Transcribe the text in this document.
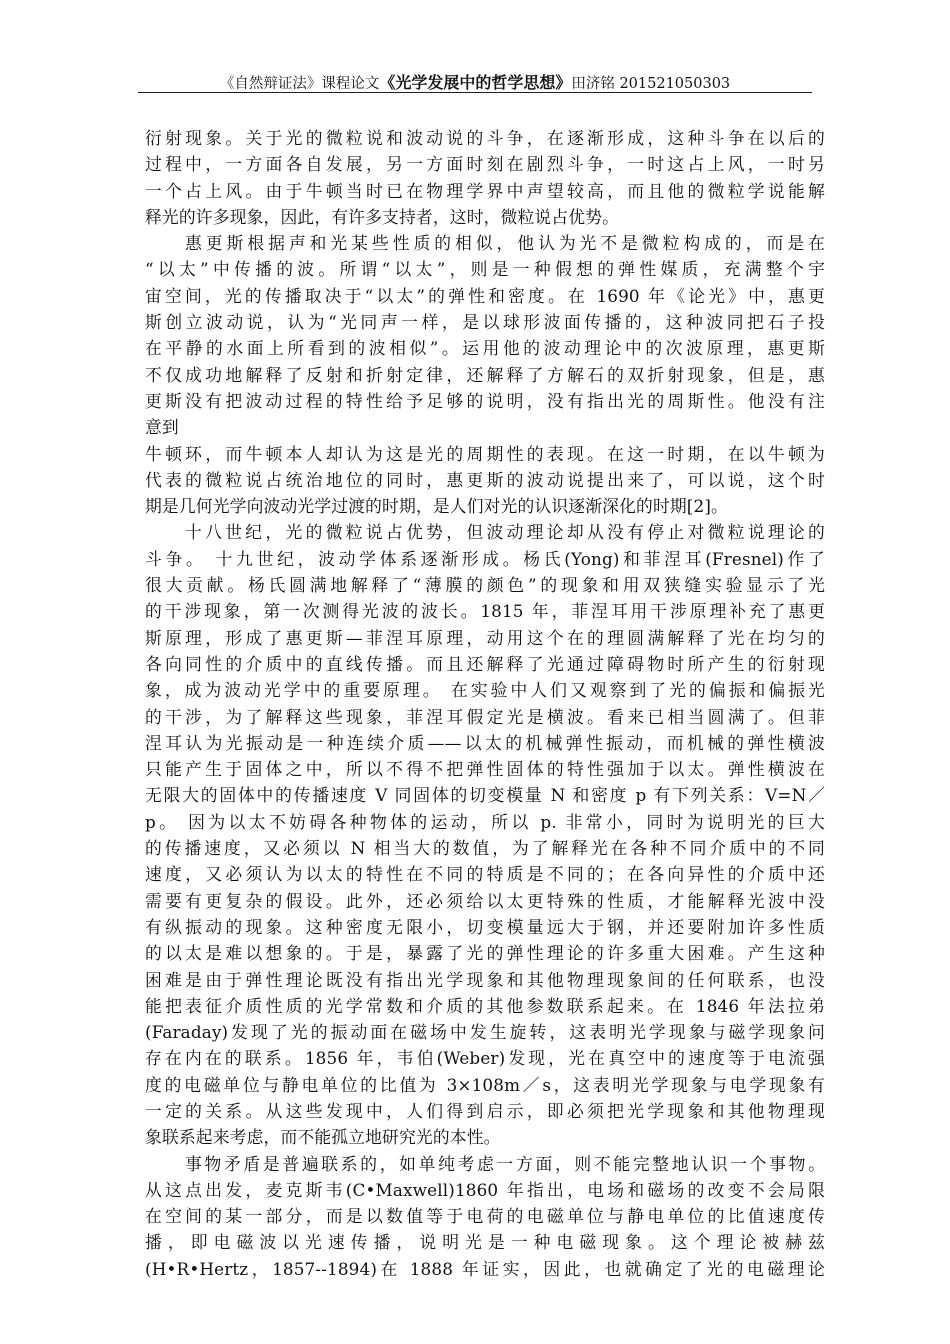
《自然辩证法》课程论文《光学发展中的哲学思想》田济铭 201521050303
衍射现象。关于光的微粒说和波动说的斗争，在逐渐形成，这种斗争在以后的
过程中，一方面各自发展，另一方面时刻在剧烈斗争，一时这占上风，一时另
一个占上风。由于牛顿当时已在物理学界中声望较高，而且他的微粒学说能解
释光的许多现象，因此，有许多支持者，这时，微粒说占优势。
惠更斯根据声和光某些性质的相似，他认为光不是微粒构成的，而是在
“以太”中传播的波。所谓“以太”，则是一种假想的弹性媒质，充满整个宇
宙空间，光的传播取决于“以太”的弹性和密度。在 1690 年《论光》中，惠更
斯创立波动说，认为“光同声一样，是以球形波面传播的，这种波同把石子投
在平静的水面上所看到的波相似”。运用他的波动理论中的次波原理，惠更斯
不仅成功地解释了反射和折射定律，还解释了方解石的双折射现象，但是，惠
更斯没有把波动过程的特性给予足够的说明，没有指出光的周斯性。他没有注
意到
牛顿环，而牛顿本人却认为这是光的周期性的表现。在这一时期，在以牛顿为
代表的微粒说占统治地位的同时，惠更斯的波动说提出来了，可以说，这个时
期是几何光学向波动光学过渡的时期，是人们对光的认识逐渐深化的时期[2]。
十八世纪，光的微粒说占优势，但波动理论却从没有停止对微粒说理论的
斗争。 十九世纪，波动学体系逐渐形成。杨氏(Yong)和菲涅耳(Fresnel)作了
很大贡献。杨氏圆满地解释了“薄膜的颜色”的现象和用双狭缝实验显示了光
的干涉现象，第一次测得光波的波长。1815 年，菲涅耳用干涉原理补充了惠更
斯原理，形成了惠更斯—菲涅耳原理，动用这个在的理圆满解释了光在均匀的
各向同性的介质中的直线传播。而且还解释了光通过障碍物时所产生的衍射现
象，成为波动光学中的重要原理。 在实验中人们又观察到了光的偏振和偏振光
的干涉，为了解释这些现象，菲涅耳假定光是横波。看来已相当圆满了。但菲
涅耳认为光振动是一种连续介质——以太的机械弹性振动，而机械的弹性横波
只能产生于固体之中，所以不得不把弹性固体的特性强加于以太。弹性横波在
无限大的固体中的传播速度 V 同固体的切变模量 N 和密度 p 有下列关系：V=N／
p。 因为以太不妨碍各种物体的运动，所以 p. 非常小，同时为说明光的巨大
的传播速度，又必须以 N 相当大的数值，为了解释光在各种不同介质中的不同
速度，又必须认为以太的特性在不同的特质是不同的；在各向异性的介质中还
需要有更复杂的假设。此外，还必须给以太更特殊的性质，才能解释光波中没
有纵振动的现象。这种密度无限小，切变模量远大于钢，并还要附加许多性质
的以太是难以想象的。于是，暴露了光的弹性理论的许多重大困难。产生这种
困难是由于弹性理论既没有指出光学现象和其他物理现象间的任何联系，也没
能把表征介质性质的光学常数和介质的其他参数联系起来。在 1846 年法拉弟
(Faraday)发现了光的振动面在磁场中发生旋转，这表明光学现象与磁学现象问
存在内在的联系。1856 年，韦伯(Weber)发现，光在真空中的速度等于电流强
度的电磁单位与静电单位的比值为 3×108m／s，这表明光学现象与电学现象有
一定的关系。从这些发现中，人们得到启示，即必须把光学现象和其他物理现
象联系起来考虑，而不能孤立地研究光的本性。
事物矛盾是普遍联系的，如单纯考虑一方面，则不能完整地认识一个事物。
从这点出发，麦克斯韦(C•Maxwell)1860 年指出，电场和磁场的改变不会局限
在空间的某一部分，而是以数值等于电荷的电磁单位与静电单位的比值速度传
播，即电磁波以光速传播，说明光是一种电磁现象。这个理论被赫兹
(H•R•Hertz，1857--1894)在 1888 年证实，因此，也就确定了光的电磁理论
